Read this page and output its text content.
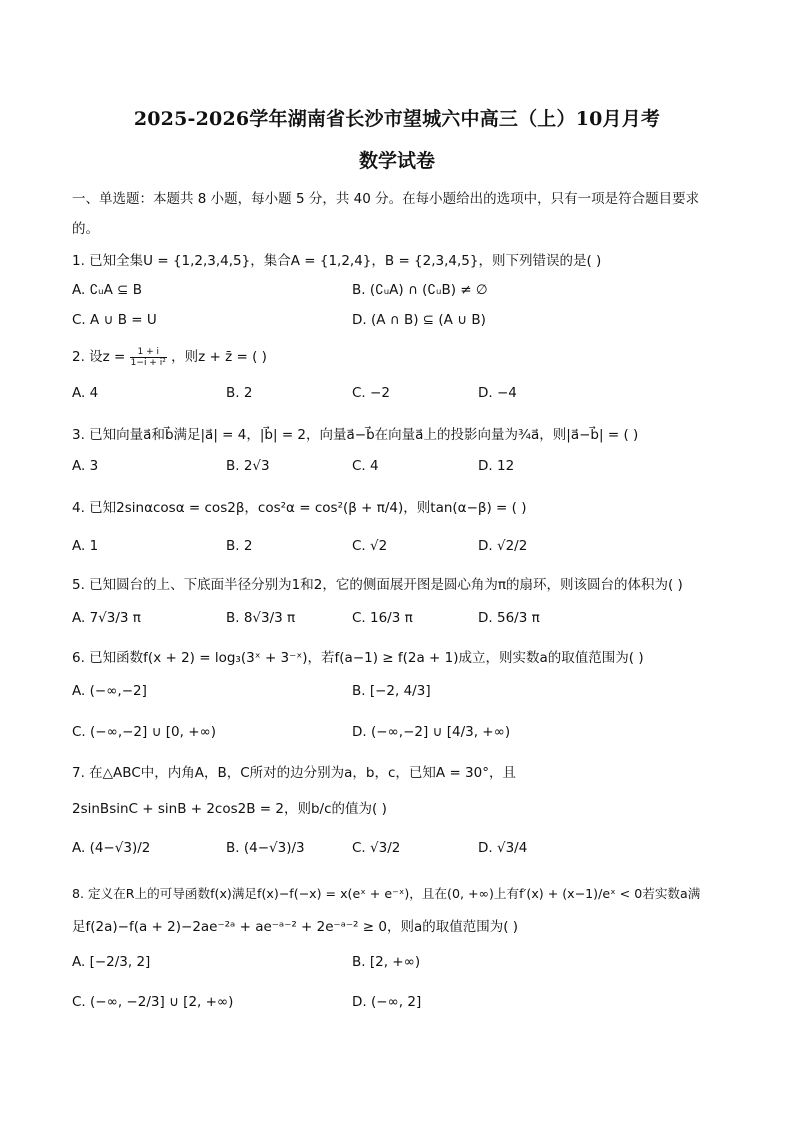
2025-2026学年湖南省长沙市望城六中高三（上）10月月考
数学试卷
一、单选题：本题共 8 小题，每小题 5 分，共 40 分。在每小题给出的选项中，只有一项是符合题目要求
的。
1. 已知全集U = {1,2,3,4,5}，集合A = {1,2,4}，B = {2,3,4,5}，则下列错误的是( )
A. ∁ᵤA ⊆ B	B. (∁ᵤA) ∩ (∁ᵤB) ≠ ∅
C. A ∪ B = U	D. (A ∩ B) ⊆ (A ∪ B)
2. 设$z = \frac{1 + i}{\text{1−i + i²}}$ ，则z + z̄ = ( )
A. 4	B. 2	C. −2	D. −4
3. 已知向量a⃗和b⃗满足|a⃗| = 4，|b⃗| = 2，向量a⃗−b⃗在向量a⃗上的投影向量为¾a⃗，则|a⃗−b⃗| = ( )
A. 3	B. 2√3	C. 4	D. 12
4. 已知2sinαcosα = cos2β，cos²α = cos²(β + π/4)，则tan(α−β) = ( )
A. 1	B. 2	C. √2	D. √2/2
5. 已知圆台的上、下底面半径分别为1和2，它的侧面展开图是圆心角为π的扇环，则该圆台的体积为( )
A. 7√3/3 π	B. 8√3/3 π	C. 16/3 π	D. 56/3 π
6. 已知函数f(x + 2) = log₃(3ˣ + 3⁻ˣ)，若f(a−1) ≥ f(2a + 1)成立，则实数a的取值范围为( )
A. (−∞,−2]	B. [−2, 4/3]
C. (−∞,−2] ∪ [0, +∞)	D. (−∞,−2] ∪ [4/3, +∞)
7. 在△ABC中，内角A，B，C所对的边分别为a，b，c，已知A = 30°，且
2sinBsinC + sinB + 2cos2B = 2，则b/c的值为( )
A. (4−√3)/2	B. (4−√3)/3	C. √3/2	D. √3/4
8. 定义在R上的可导函数f(x)满足f(x)−f(−x) = x(eˣ + e⁻ˣ)，且在(0, +∞)上有f′(x) + (x−1)/eˣ < 0若实数a满
足f(2a)−f(a + 2)−2ae⁻²ᵃ + ae⁻ᵃ⁻² + 2e⁻ᵃ⁻² ≥ 0，则a的取值范围为( )
A. [−2/3, 2]	B. [2, +∞)
C. (−∞, −2/3] ∪ [2, +∞)	D. (−∞, 2]
